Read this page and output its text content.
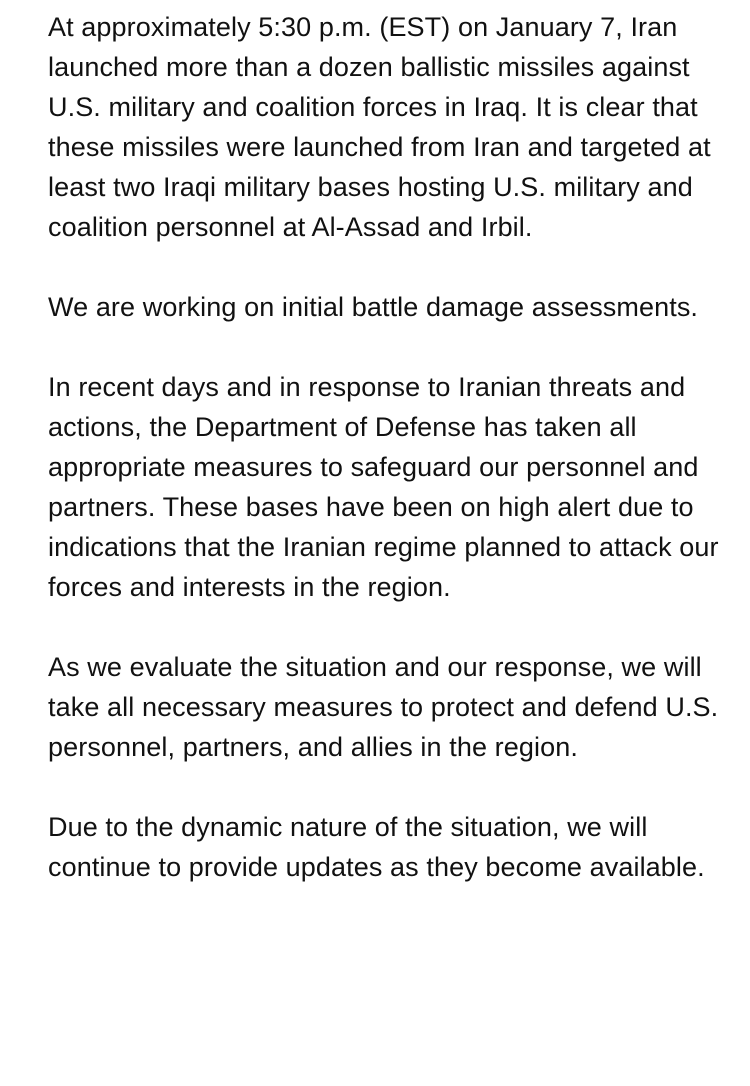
At approximately 5:30 p.m. (EST) on January 7, Iran launched more than a dozen ballistic missiles against U.S. military and coalition forces in Iraq. It is clear that these missiles were launched from Iran and targeted at least two Iraqi military bases hosting U.S. military and coalition personnel at Al-Assad and Irbil.

We are working on initial battle damage assessments.

In recent days and in response to Iranian threats and actions, the Department of Defense has taken all appropriate measures to safeguard our personnel and partners. These bases have been on high alert due to indications that the Iranian regime planned to attack our forces and interests in the region.

As we evaluate the situation and our response, we will take all necessary measures to protect and defend U.S. personnel, partners, and allies in the region.

Due to the dynamic nature of the situation, we will continue to provide updates as they become available.
